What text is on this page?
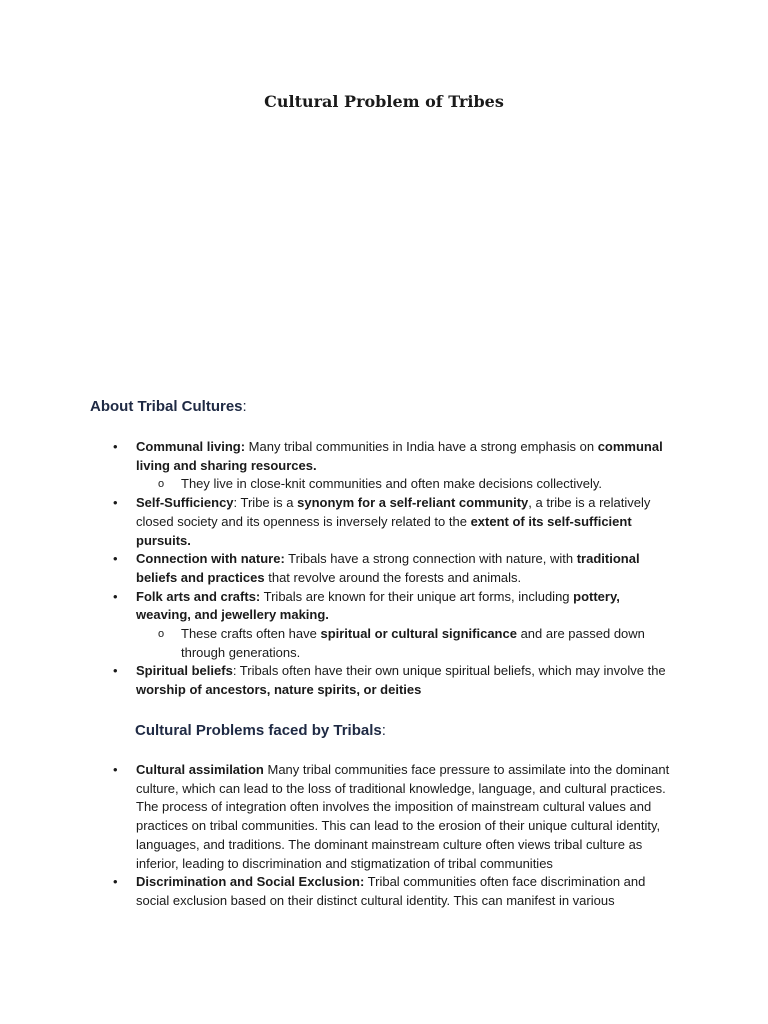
Cultural Problem of Tribes
About Tribal Cultures:
• Communal living: Many tribal communities in India have a strong emphasis on communal living and sharing resources.
o They live in close-knit communities and often make decisions collectively.
• Self-Sufficiency: Tribe is a synonym for a self-reliant community, a tribe is a relatively closed society and its openness is inversely related to the extent of its self-sufficient pursuits.
• Connection with nature: Tribals have a strong connection with nature, with traditional beliefs and practices that revolve around the forests and animals.
• Folk arts and crafts: Tribals are known for their unique art forms, including pottery, weaving, and jewellery making.
o These crafts often have spiritual or cultural significance and are passed down through generations.
• Spiritual beliefs: Tribals often have their own unique spiritual beliefs, which may involve the worship of ancestors, nature spirits, or deities
Cultural Problems faced by Tribals:
• Cultural assimilation Many tribal communities face pressure to assimilate into the dominant culture, which can lead to the loss of traditional knowledge, language, and cultural practices. The process of integration often involves the imposition of mainstream cultural values and practices on tribal communities. This can lead to the erosion of their unique cultural identity, languages, and traditions. The dominant mainstream culture often views tribal culture as inferior, leading to discrimination and stigmatization of tribal communities
• Discrimination and Social Exclusion: Tribal communities often face discrimination and social exclusion based on their distinct cultural identity. This can manifest in various
